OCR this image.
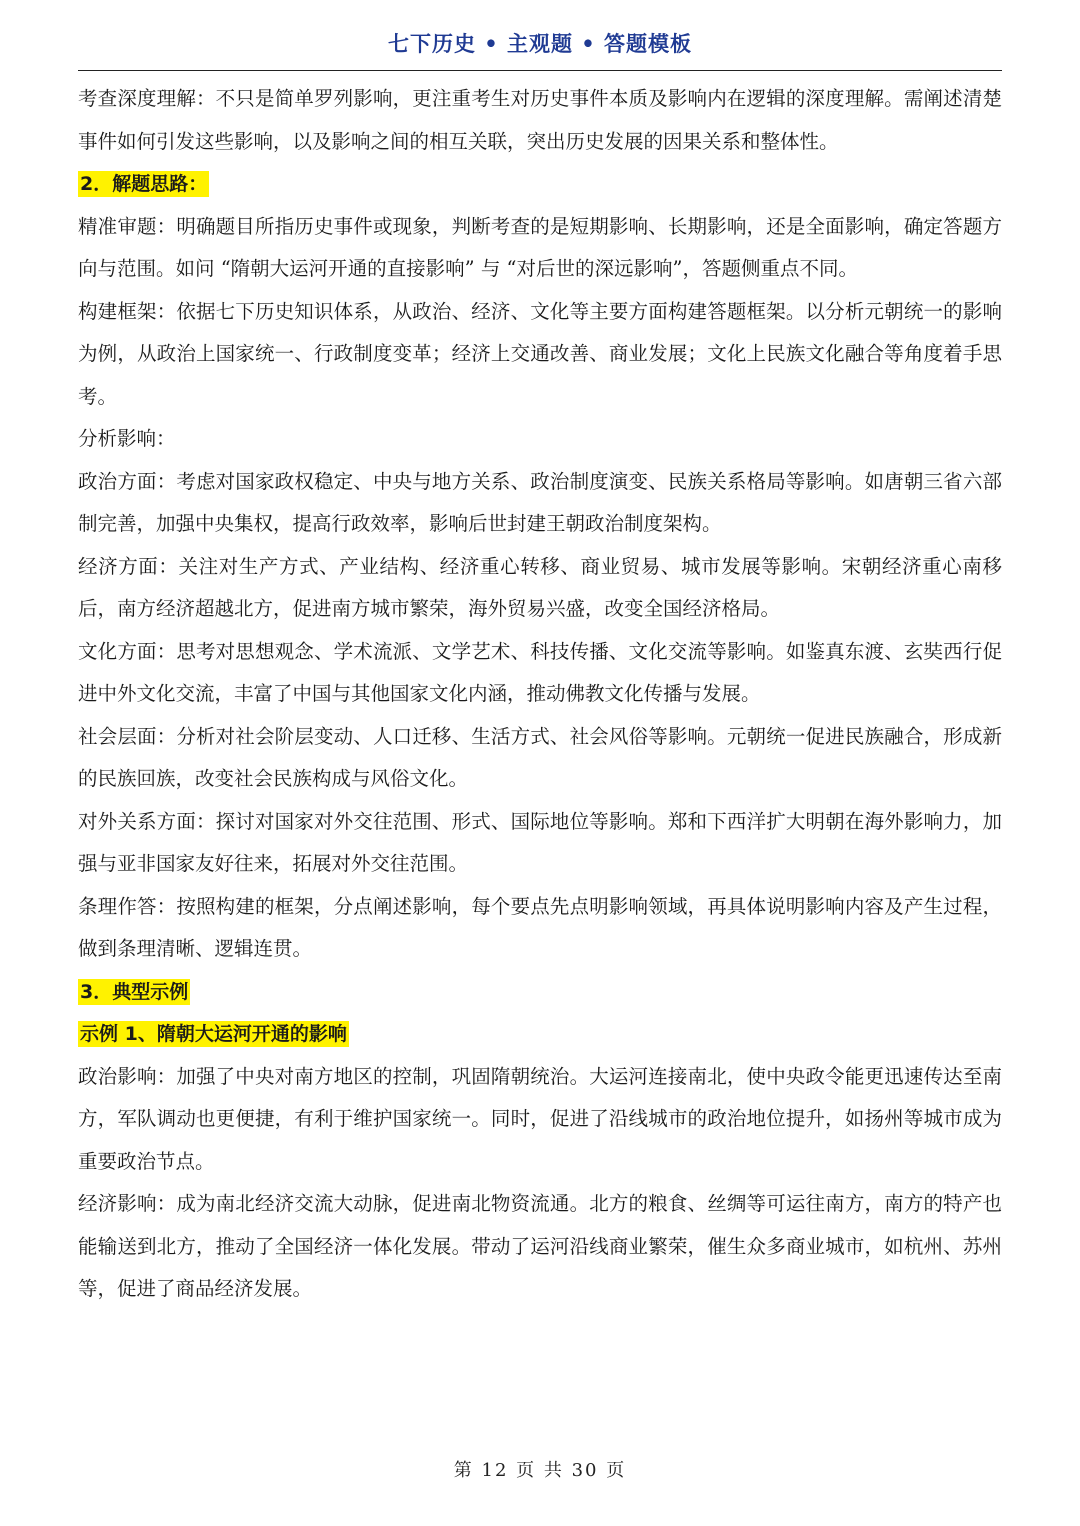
七下历史 • 主观题 • 答题模板

考查深度理解：不只是简单罗列影响，更注重考生对历史事件本质及影响内在逻辑的深度理解。需阐述清楚事件如何引发这些影响，以及影响之间的相互关联，突出历史发展的因果关系和整体性。

2．解题思路：

精准审题：明确题目所指历史事件或现象，判断考查的是短期影响、长期影响，还是全面影响，确定答题方向与范围。如问 “隋朝大运河开通的直接影响” 与 “对后世的深远影响”，答题侧重点不同。

构建框架：依据七下历史知识体系，从政治、经济、文化等主要方面构建答题框架。以分析元朝统一的影响为例，从政治上国家统一、行政制度变革；经济上交通改善、商业发展；文化上民族文化融合等角度着手思考。

分析影响：

政治方面：考虑对国家政权稳定、中央与地方关系、政治制度演变、民族关系格局等影响。如唐朝三省六部制完善，加强中央集权，提高行政效率，影响后世封建王朝政治制度架构。

经济方面：关注对生产方式、产业结构、经济重心转移、商业贸易、城市发展等影响。宋朝经济重心南移后，南方经济超越北方，促进南方城市繁荣，海外贸易兴盛，改变全国经济格局。

文化方面：思考对思想观念、学术流派、文学艺术、科技传播、文化交流等影响。如鉴真东渡、玄奘西行促进中外文化交流，丰富了中国与其他国家文化内涵，推动佛教文化传播与发展。

社会层面：分析对社会阶层变动、人口迁移、生活方式、社会风俗等影响。元朝统一促进民族融合，形成新的民族回族，改变社会民族构成与风俗文化。

对外关系方面：探讨对国家对外交往范围、形式、国际地位等影响。郑和下西洋扩大明朝在海外影响力，加强与亚非国家友好往来，拓展对外交往范围。

条理作答：按照构建的框架，分点阐述影响，每个要点先点明影响领域，再具体说明影响内容及产生过程，做到条理清晰、逻辑连贯。

3．典型示例

示例 1、隋朝大运河开通的影响

政治影响：加强了中央对南方地区的控制，巩固隋朝统治。大运河连接南北，使中央政令能更迅速传达至南方，军队调动也更便捷，有利于维护国家统一。同时，促进了沿线城市的政治地位提升，如扬州等城市成为重要政治节点。

经济影响：成为南北经济交流大动脉，促进南北物资流通。北方的粮食、丝绸等可运往南方，南方的特产也能输送到北方，推动了全国经济一体化发展。带动了运河沿线商业繁荣，催生众多商业城市，如杭州、苏州等，促进了商品经济发展。

第 12 页 共 30 页
